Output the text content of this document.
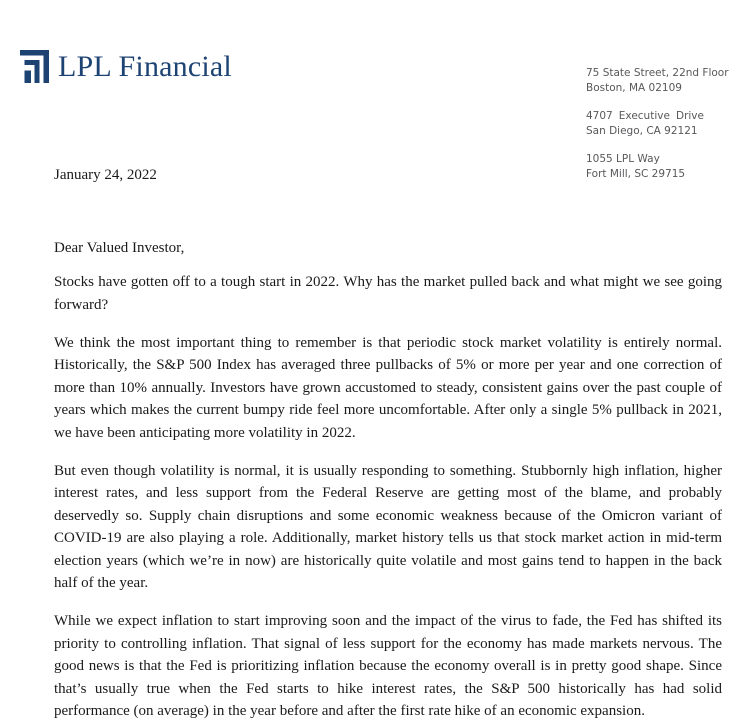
LPL Financial	75 State Street, 22nd Floor
Boston, MA 02109
4707 Executive Drive
San Diego, CA 92121
1055 LPL Way
Fort Mill, SC 29715
January 24, 2022
Dear Valued Investor,

Stocks have gotten off to a tough start in 2022. Why has the market pulled back and what might we see going forward?

We think the most important thing to remember is that periodic stock market volatility is entirely normal. Historically, the S&P 500 Index has averaged three pullbacks of 5% or more per year and one correction of more than 10% annually. Investors have grown accustomed to steady, consistent gains over the past couple of years which makes the current bumpy ride feel more uncomfortable. After only a single 5% pullback in 2021, we have been anticipating more volatility in 2022.

But even though volatility is normal, it is usually responding to something. Stubbornly high inflation, higher interest rates, and less support from the Federal Reserve are getting most of the blame, and probably deservedly so. Supply chain disruptions and some economic weakness because of the Omicron variant of COVID-19 are also playing a role. Additionally, market history tells us that stock market action in mid-term election years (which we’re in now) are historically quite volatile and most gains tend to happen in the back half of the year.

While we expect inflation to start improving soon and the impact of the virus to fade, the Fed has shifted its priority to controlling inflation. That signal of less support for the economy has made markets nervous. The good news is that the Fed is prioritizing inflation because the economy overall is in pretty good shape. Since that’s usually true when the Fed starts to hike interest rates, the S&P 500 historically has had solid performance (on average) in the year before and after the first rate hike of an economic expansion.
